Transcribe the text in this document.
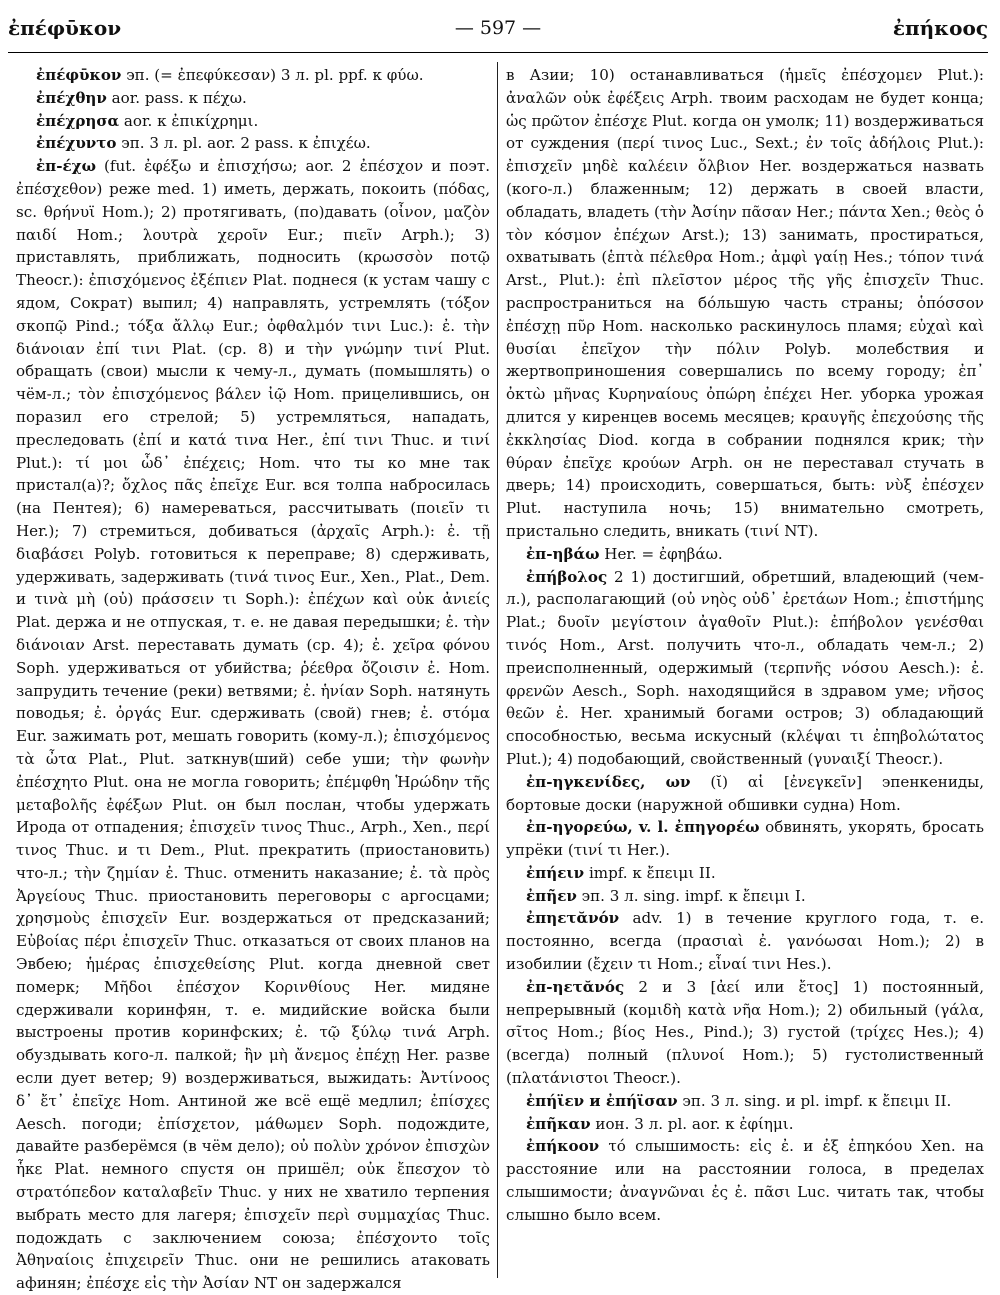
ἐπέφῡκον	— 597 —	ἐπήκοος

ἐπέφῡκον эп. (= ἐπεφύκεσαν) 3 л. pl. ppf. к φύω.

ἐπέχθην aor. pass. к πέχω.

ἐπέχρησα aor. к ἐπικίχρημι.

ἐπέχυντο эп. 3 л. pl. aor. 2 pass. к ἐπιχέω.

ἐπ-έχω (fut. ἐφέξω и ἐπισχήσω; aor. 2 ἐπέσχον и поэт. ἐπέσχεθον) реже med. 1) иметь, держать, покоить (πόδας, sc. θρήνυϊ Hom.); 2) протягивать, (по)давать (οἶνον, μαζὸν παιδί Hom.; λουτρὰ χεροῖν Eur.; πιεῖν Arph.); 3) приставлять, приближать, подносить (κρωσσὸν ποτῷ Theocr.): ἐπισχόμενος ἐξέπιεν Plat. поднеся (к устам чашу с ядом, Сократ) выпил; 4) направлять, устремлять (τόξον σκοπῷ Pind.; τόξα ἄλλῳ Eur.; ὀφθαλμόν τινι Luc.): ἐ. τὴν διάνοιαν ἐπί τινι Plat. (ср. 8) и τὴν γνώμην τινί Plut. обращать (свои) мысли к чему-л., думать (помышлять) о чём-л.; τὸν ἐπισχόμενος βάλεν ἰῷ Hom. прицелившись, он поразил его стрелой; 5) устремляться, нападать, преследовать (ἐπί и κατά τινα Her., ἐπί τινι Thuc. и τινί Plut.): τί μοι ὧδ᾽ ἐπέχεις; Hom. что ты ко мне так пристал(а)?; ὄχλος πᾶς ἐπεῖχε Eur. вся толпа набросилась (на Пентея); 6) намереваться, рассчитывать (ποιεῖν τι Her.); 7) стремиться, добиваться (ἀρχαῖς Arph.): ἐ. τῇ διαβάσει Polyb. готовиться к переправе; 8) сдерживать, удерживать, задерживать (τινά τινος Eur., Xen., Plat., Dem. и τινὰ μὴ (οὐ) πράσσειν τι Soph.): ἐπέχων καὶ οὐκ ἀνιείς Plat. держа и не отпуская, т. е. не давая передышки; ἐ. τὴν διάνοιαν Arst. переставать думать (ср. 4); ἐ. χεῖρα φόνου Soph. удерживаться от убийства; ῥέεθρα ὄζοισιν ἐ. Hom. запрудить течение (реки) ветвями; ἐ. ἡνίαν Soph. натянуть поводья; ἐ. ὀργάς Eur. сдерживать (свой) гнев; ἐ. στόμα Eur. зажимать рот, мешать говорить (кому-л.); ἐπισχόμενος τὰ ὦτα Plat., Plut. заткнув(ший) себе уши; τὴν φωνὴν ἐπέσχητο Plut. она не могла говорить; ἐπέμφθη Ἡρώδην τῆς μεταβολῆς ἐφέξων Plut. он был послан, чтобы удержать Ирода от отпадения; ἐπισχεῖν τινος Thuc., Arph., Xen., περί τινος Thuc. и τι Dem., Plut. прекратить (приостановить) что-л.; τὴν ζημίαν ἐ. Thuc. отменить наказание; ἐ. τὰ πρὸς Ἀργείους Thuc. приостановить переговоры с аргосцами; χρησμοὺς ἐπισχεῖν Eur. воздержаться от предсказаний; Εὐβοίας πέρι ἐπισχεῖν Thuc. отказаться от своих планов на Эвбею; ἡμέρας ἐπισχεθείσης Plut. когда дневной свет померк; Μῆδοι ἐπέσχον Κορινθίους Her. мидяне сдерживали коринфян, т. е. мидийские войска были выстроены против коринфских; ἐ. τῷ ξύλῳ τινά Arph. обуздывать кого-л. палкой; ἢν μὴ ἄνεμος ἐπέχῃ Her. разве если дует ветер; 9) воздерживаться, выжидать: Ἀντίνοος δ᾽ ἔτ᾽ ἐπεῖχε Hom. Антиной же всё ещё медлил; ἐπίσχες Aesch. погоди; ἐπίσχετον, μάθωμεν Soph. подождите, давайте разберёмся (в чём дело); οὐ πολὺν χρόνον ἐπισχὼν ἧκε Plat. немного спустя он пришёл; οὐκ ἔπεσχον τὸ στρατόπεδον καταλαβεῖν Thuc. у них не хватило терпения выбрать место для лагеря; ἐπισχεῖν περὶ συμμαχίας Thuc. подождать с заключением союза; ἐπέσχοντο τοῖς Ἀθηναίοις ἐπιχειρεῖν Thuc. они не решились атаковать афинян; ἐπέσχε εἰς τὴν Ἀσίαν NT он задержался

в Азии; 10) останавливаться (ἡμεῖς ἐπέσχομεν Plut.): ἀναλῶν οὐκ ἐφέξεις Arph. твоим расходам не будет конца; ὡς πρῶτον ἐπέσχε Plut. когда он умолк; 11) воздерживаться от суждения (περί τινος Luc., Sext.; ἐν τοῖς ἀδήλοις Plut.): ἐπισχεῖν μηδὲ καλέειν ὄλβιον Her. воздержаться назвать (кого-л.) блаженным; 12) держать в своей власти, обладать, владеть (τὴν Ἀσίην πᾶσαν Her.; πάντα Xen.; θεὸς ὁ τὸν κόσμον ἐπέχων Arst.); 13) занимать, простираться, охватывать (ἑπτὰ πέλεθρα Hom.; ἀμφὶ γαίῃ Hes.; τόπον τινά Arst., Plut.): ἐπὶ πλεῖστον μέρος τῆς γῆς ἐπισχεῖν Thuc. распространиться на бо́льшую часть страны; ὁπόσσον ἐπέσχῃ πῦρ Hom. насколько раскинулось пламя; εὐχαὶ καὶ θυσίαι ἐπεῖχον τὴν πόλιν Polyb. молебствия и жертвоприношения совершались по всему городу; ἐπ᾽ ὀκτὼ μῆνας Κυρηναίους ὀπώρη ἐπέχει Her. уборка урожая длится у киренцев восемь месяцев; κραυγῆς ἐπεχούσης τῆς ἐκκλησίας Diod. когда в собрании поднялся крик; τὴν θύραν ἐπεῖχε κρούων Arph. он не переставал стучать в дверь; 14) происходить, совершаться, быть: νὺξ ἐπέσχεν Plut. наступила ночь; 15) внимательно смотреть, пристально следить, вникать (τινί NT).

ἐπ-ηβάω Her. = ἐφηβάω.

ἐπήβολος 2 1) достигший, обретший, владеющий (чем-л.), располагающий (οὐ νηὸς οὐδ᾽ ἐρετάων Hom.; ἐπιστήμης Plat.; δυοῖν μεγίστοιν ἀγαθοῖν Plut.): ἐπήβολον γενέσθαι τινός Hom., Arst. получить что-л., обладать чем-л.; 2) преисполненный, одержимый (τερπνῆς νόσου Aesch.): ἐ. φρενῶν Aesch., Soph. находящийся в здравом уме; νῆσος θεῶν ἐ. Her. хранимый богами остров; 3) обладающий способностью, весьма искусный (κλέψαι τι ἐπηβολώτατος Plut.); 4) подобающий, свойственный (γυναιξί Theocr.).

ἐπ-ηγκενίδες, ων (ῐ) αἱ [ἐνεγκεῖν] эпенкениды, бортовые доски (наружной обшивки судна) Hom.

ἐπ-ηγορεύω, v. l. ἐπηγορέω обвинять, укорять, бросать упрёки (τινί τι Her.).

ἐπήειν impf. к ἔπειμι II.

ἐπῆεν эп. 3 л. sing. impf. к ἔπειμι I.

ἐπηετᾰνόν adv. 1) в течение круглого года, т. е. постоянно, всегда (πρασιαὶ ἐ. γανόωσαι Hom.); 2) в изобилии (ἔχειν τι Hom.; εἶναί τινι Hes.).

ἐπ-ηετᾰνός 2 и 3 [ἀεί или ἔτος] 1) постоянный, непрерывный (κομιδὴ κατὰ νῆα Hom.); 2) обильный (γάλα, σῖτος Hom.; βίος Hes., Pind.); 3) густой (τρίχες Hes.); 4) (всегда) полный (πλυνοί Hom.); 5) густолиственный (πλατάνιστοι Theocr.).

ἐπήϊεν и ἐπήϊσαν эп. 3 л. sing. и pl. impf. к ἔπειμι II.

ἐπῆκαν ион. 3 л. pl. aor. к ἐφίημι.

ἐπήκοον τό слышимость: εἰς ἐ. и ἐξ ἐπηκόου Xen. на расстояние или на расстоянии голоса, в пределах слышимости; ἀναγνῶναι ἐς ἐ. πᾶσι Luc. читать так, чтобы слышно было всем.
